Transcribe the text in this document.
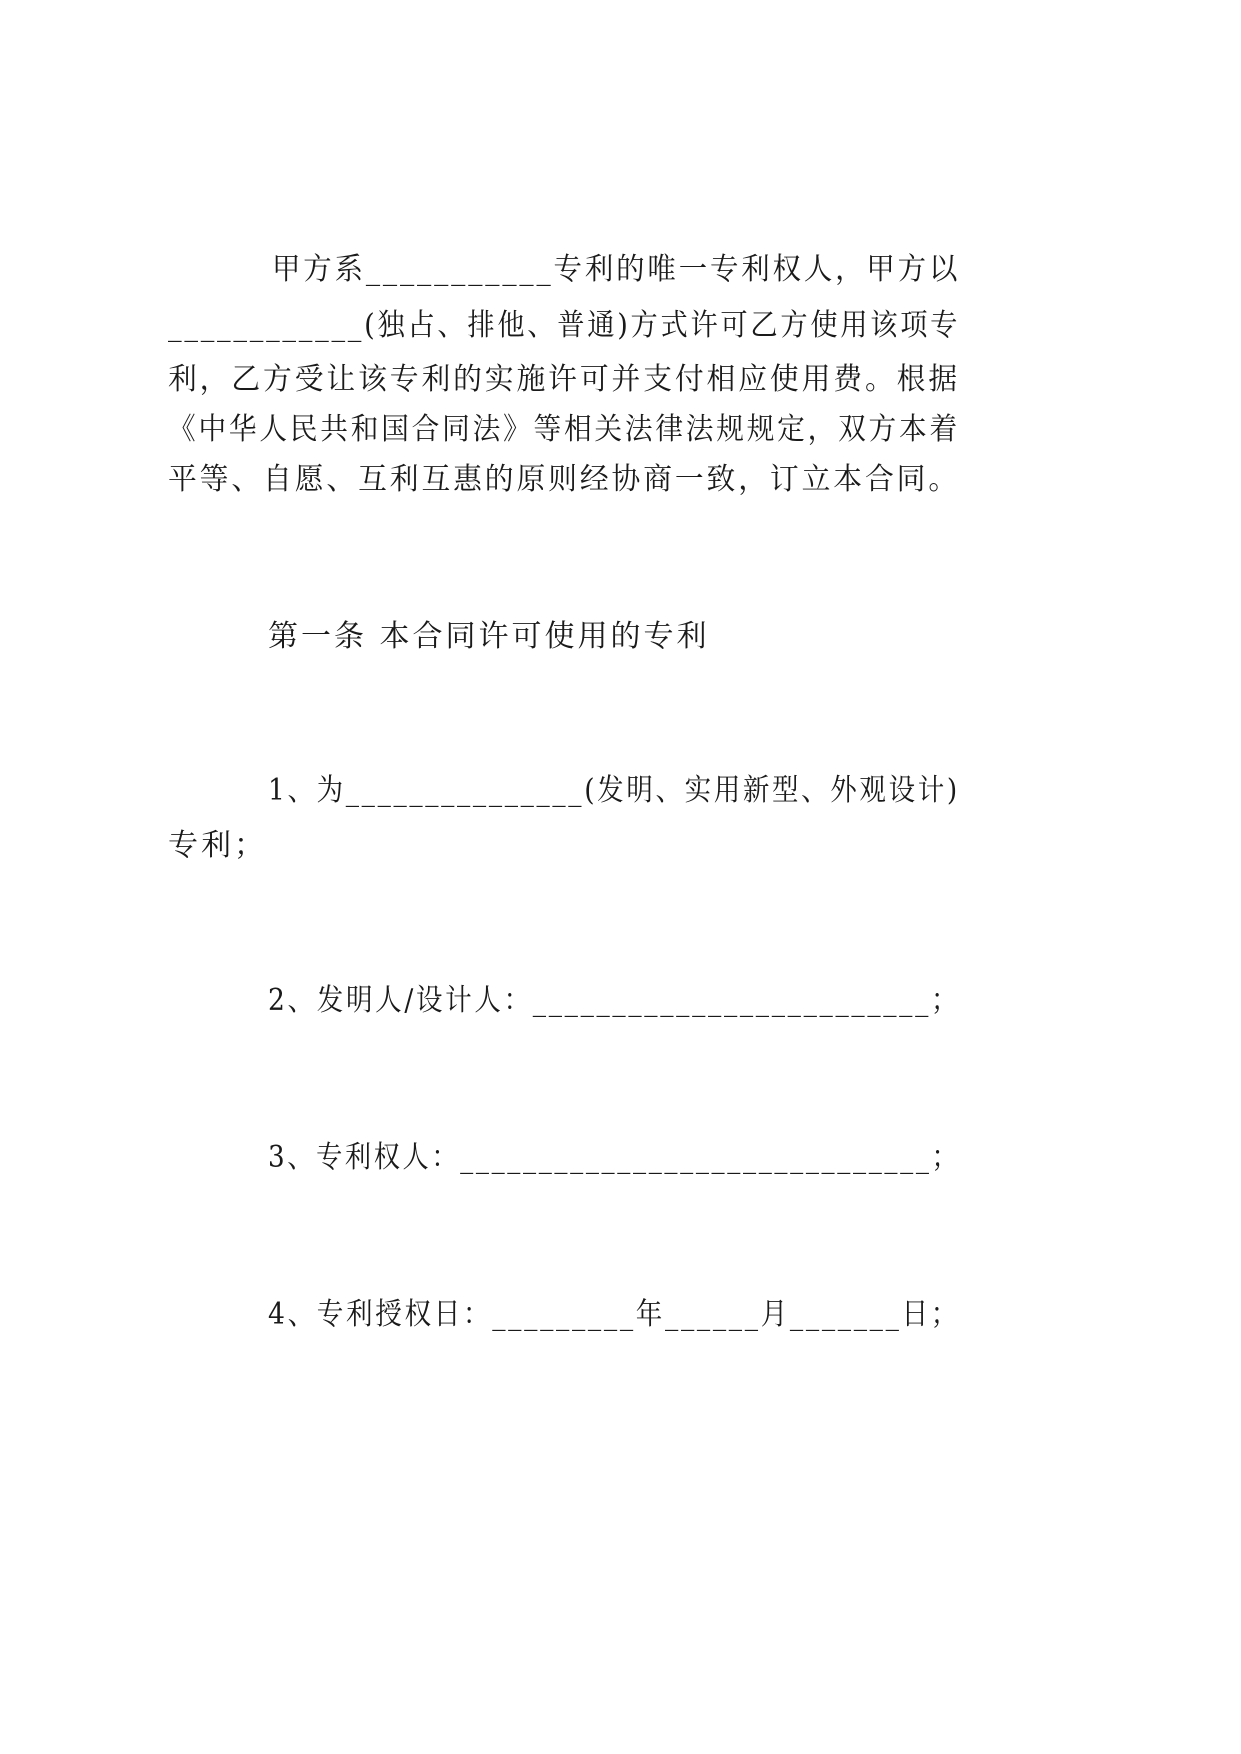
甲方系___________专利的唯一专利权人，甲方以

____________(独占、排他、普通)方式许可乙方使用该项专

利，乙方受让该专利的实施许可并支付相应使用费。根据

《中华人民共和国合同法》等相关法律法规规定，双方本着

平等、自愿、互利互惠的原则经协商一致，订立本合同。

第一条 本合同许可使用的专利

1、为_______________(发明、实用新型、外观设计)

专利；

2、发明人/设计人：_________________________；

3、专利权人：______________________________；

4、专利授权日：_________年______月_______日；
